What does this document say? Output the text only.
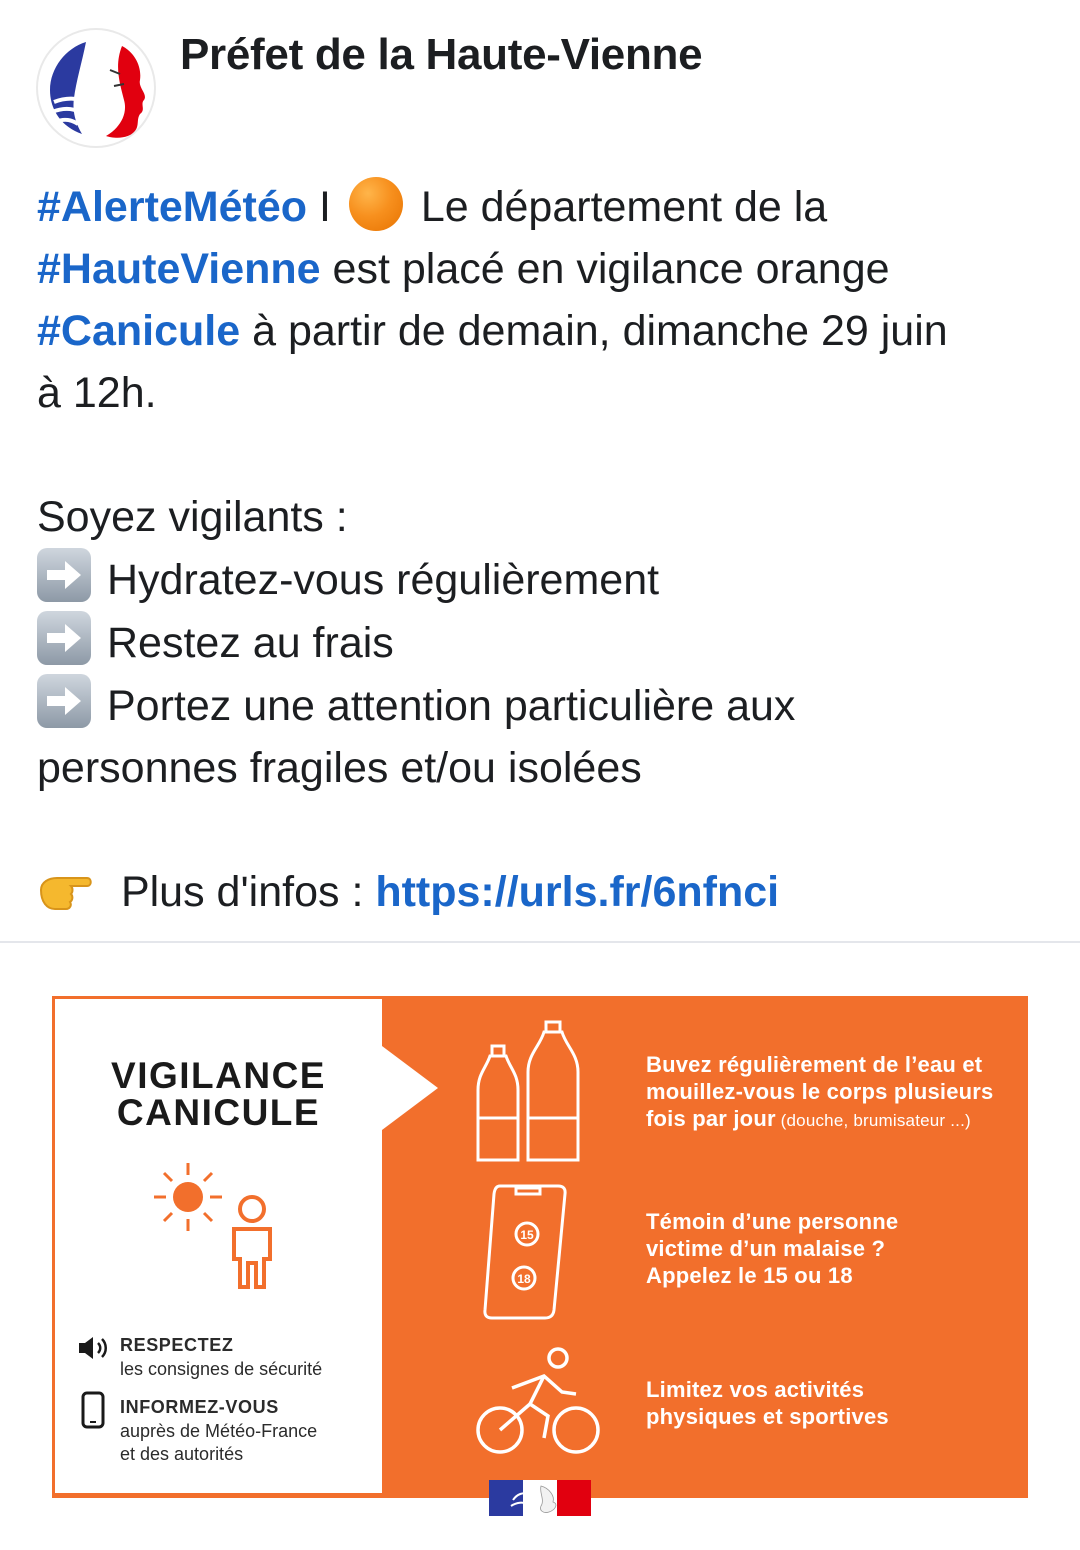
Préfet de la Haute-Vienne

#AlerteMétéo I  Le département de la

#HauteVienne est placé en vigilance orange

#Canicule à partir de demain, dimanche 29 juin

à 12h.

Soyez vigilants :

Hydratez-vous régulièrement

Restez au frais

Portez une attention particulière aux

personnes fragiles et/ou isolées

Plus d'infos : https://urls.fr/6nfnci

VIGILANCE
CANICULE
RESPECTEZ
les consignes de sécurité
INFORMEZ-VOUS
auprès de Météo-France
et des autorités
15
18
Buvez régulièrement de l’eau et
mouillez-vous le corps plusieurs
fois par jour (douche, brumisateur ...)
Témoin d’une personne
victime d’un malaise ?
Appelez le 15 ou 18
Limitez vos activités
physiques et sportives
